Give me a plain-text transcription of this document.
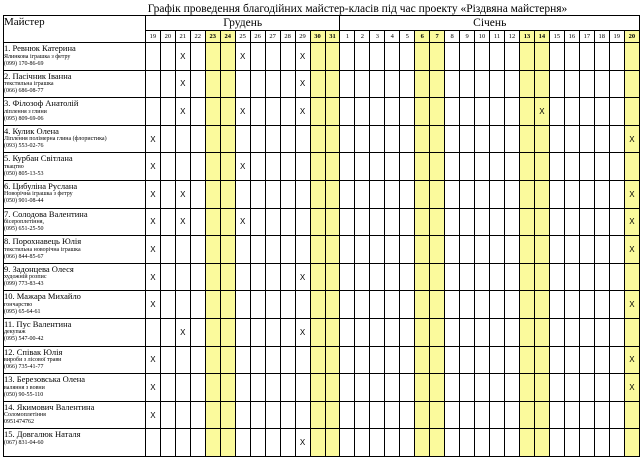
Графік проведення благодійних майстер-класів під час проекту «Різдвяна майстерня»
Майстер	Грудень													Січень																			
	19	20	21	22	23	24	25	26	27	28	29	30	31	1	2	3	4	5	6	7	8	9	10	11	12	13	14	15	16	17	18	19	20

1. Ревнюк Катерина
Ялинкова іграшка з фетру
(099) 170-86-69			X				X				X																						

2. Пасічник Іванна
текстильна іграшка
(066) 686-08-77			X								X																						

3. Філозоф Анатолій
ліплення з глини
(095) 809-69-06			X				X				X																X						

4. Кулик Олена
Ліплення полімерна глина (флористика)
(093) 553-02-76	X																																X

5. Курбан Світлана
ткацтво
(050) 805-13-53	X						X																										

6. Цибуліна Руслана
Новорічна іграшка з фетру
(050) 901-08-44	X		X																														X

7. Солодова Валентина
бісероплетіння,
(095) 651-25-50	X		X				X																										X

8. Порохнавець Юлія
текстильна новорічна іграшка
(066) 844-85-67	X																																X

9. Задонцева Олеся
художній розпис
(099) 773-83-43	X										X																						

10. Мажара Михайло
гончарство
(095) 65-64-61	X																																X

11. Пус Валентина
декупаж
(095) 547-00-42			X								X																						

12. Співак Юлія
вироби з лісової трави
(066) 735-41-77	X																																X

13. Березовська Олена
валяння з вовни
(050) 90-55-110	X																																X

14. Якимович Валентина
Соломоплетіння
0951474762	X																																

15. Довгалюк Наталя
(067) 831-04-60											X																						
